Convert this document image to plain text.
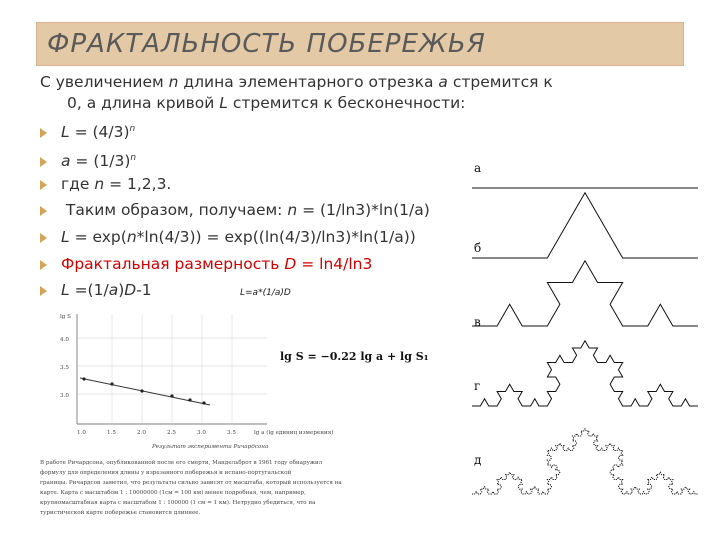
ФРАКТАЛЬНОСТЬ ПОБЕРЕЖЬЯ
С увеличением n длина элементарного отрезка a стремится к
0, а длина кривой L стремится к бесконечности:
$L = (4/3)^n$
$a = (1/3)^n$
где n = 1,2,3.
Таким образом, получаем: n = (1/ln3)*ln(1/a)
L = exp(n*ln(4/3)) = exp((ln(4/3)/ln3)*ln(1/a))
Фрактальная размерность D = ln4/ln3
L =(1/a)D-1	L=a*(1/a)D
а
б
в
г
д
lg S
4.0
3.5
3.0
1.0	1.5	2.0	2.5	3.0	3.5	lg a (lg единиц измерения)
lg S = −0.22 lg a + lg S₁
Результат эксперимента Ричардсона
В работе Ричардсона, опубликованной после его смерти, Мандельброт в 1961 году обнаружил
формулу для определения длины у изрезанного побережья и испано-португальской
границы. Ричардсон заметил, что результаты сильно зависят от масштаба, который используется на
карте. Карта с масштабом 1 : 10000000 (1см = 100 км) менее подробная, чем, например,
крупномасштабная карта с масштабом 1 : 100000 (1 см = 1 км). Нетрудно убедиться, что на
туристической карте побережье становится длиннее.
